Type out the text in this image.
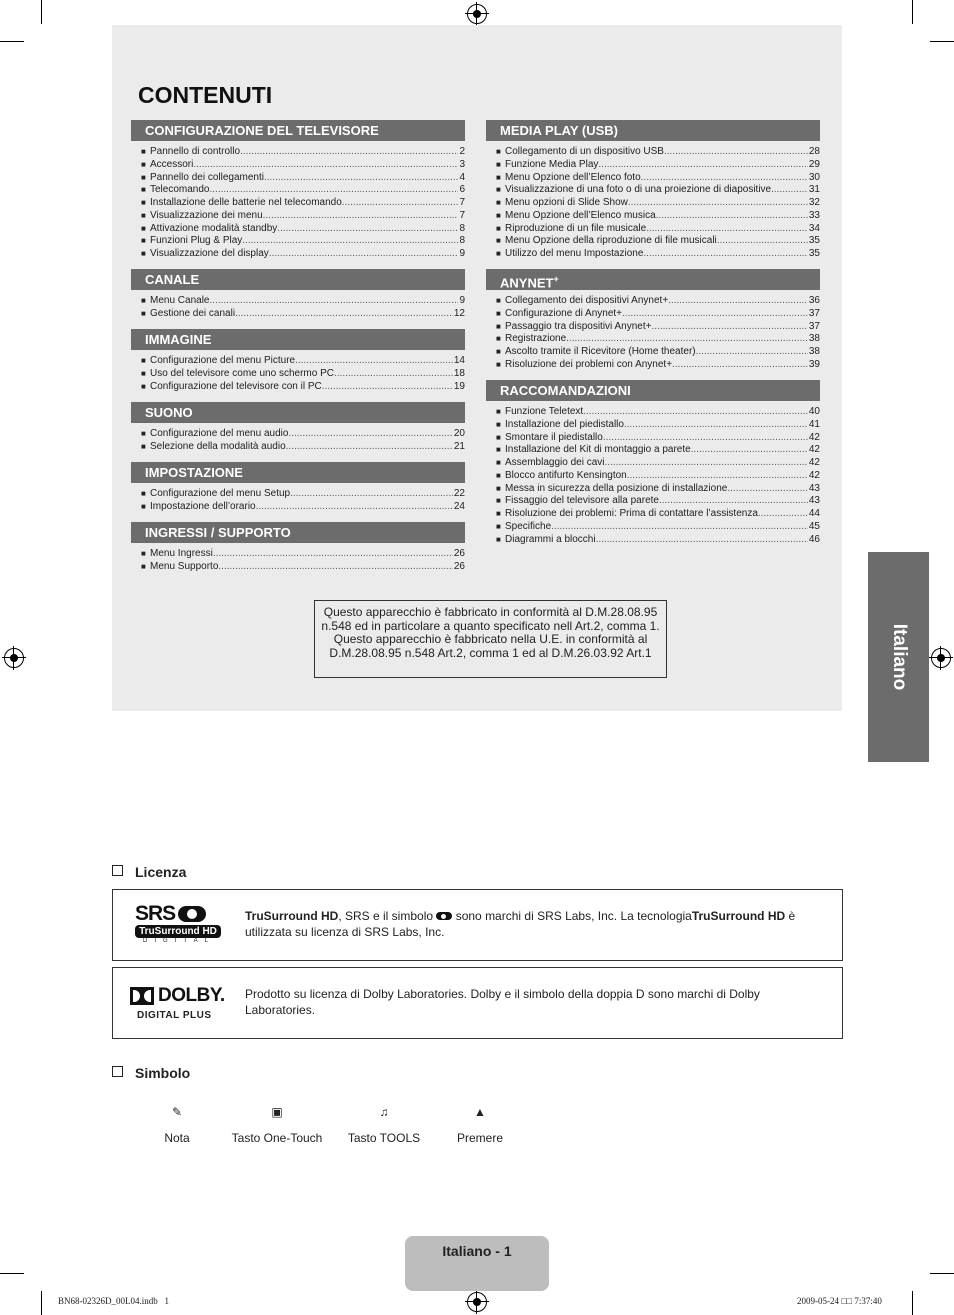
CONTENUTI
CONFIGURAZIONE DEL TELEVISORE
■ Pannello di controllo .....	2
■ Accessori .....	3
■ Pannello dei collegamenti .....	4
■ Telecomando .....	6
■ Installazione delle batterie nel telecomando .....	7
■ Visualizzazione dei menu .....	7
■ Attivazione modalità standby .....	8
■ Funzioni Plug & Play .....	8
■ Visualizzazione del display .....	9
CANALE
■ Menu Canale .....	9
■ Gestione dei canali .....	12
IMMAGINE
■ Configurazione del menu Picture .....	14
■ Uso del televisore come uno schermo PC .....	18
■ Configurazione del televisore con il PC .....	19
SUONO
■ Configurazione del menu audio .....	20
■ Selezione della modalità audio .....	21
IMPOSTAZIONE
■ Configurazione del menu Setup .....	22
■ Impostazione dell’orario .....	24
INGRESSI / SUPPORTO
■ Menu Ingressi .....	26
■ Menu Supporto .....	26
MEDIA PLAY (USB)
■ Collegamento di un dispositivo USB .....	28
■ Funzione Media Play .....	29
■ Menu Opzione dell’Elenco foto .....	30
■ Visualizzazione di una foto o di una proiezione di diapositive .....	31
■ Menu opzioni di Slide Show .....	32
■ Menu Opzione dell’Elenco musica .....	33
■ Riproduzione di un file musicale .....	34
■ Menu Opzione della riproduzione di file musicali .....	35
■ Utilizzo del menu Impostazione .....	35
ANYNET+
■ Collegamento dei dispositivi Anynet+ .....	36
■ Configurazione di Anynet+ .....	37
■ Passaggio tra dispositivi Anynet+ .....	37
■ Registrazione .....	38
■ Ascolto tramite il Ricevitore (Home theater) .....	38
■ Risoluzione dei problemi con Anynet+ .....	39
RACCOMANDAZIONI
■ Funzione Teletext .....	40
■ Installazione del piedistallo .....	41
■ Smontare il piedistallo .....	42
■ Installazione del Kit di montaggio a parete .....	42
■ Assemblaggio dei cavi .....	42
■ Blocco antifurto Kensington .....	42
■ Messa in sicurezza della posizione di installazione .....	43
■ Fissaggio del televisore alla parete .....	43
■ Risoluzione dei problemi: Prima di contattare l’assistenza .....	44
■ Specifiche .....	45
■ Diagrammi a blocchi .....	46

Questo apparecchio è fabbricato in conformità al D.M.28.08.95 n.548 ed in particolare a quanto specificato nell Art.2, comma 1. Questo apparecchio è fabbricato nella U.E. in conformità al D.M.28.08.95 n.548 Art.2, comma 1 ed al D.M.26.03.92 Art.1	Italiano
Licenza
SRS
TruSurround HD
DIGITAL
TruSurround HD, SRS e il simbolo
sono marchi di SRS Labs, Inc. La tecnologiaTruSurround HD è utilizzata su licenza di SRS Labs, Inc.
DOLBY.
DIGITAL PLUS
Prodotto su licenza di Dolby Laboratories. Dolby e il simbolo della doppia D sono marchi di Dolby Laboratories.
Simbolo
✎
Nota
▣
Tasto One-Touch
♫
Tasto TOOLS
▲
Premere
Italiano - 1
BN68-02326D_00L04.indb 1	2009-05-24 □□ 7:37:40
